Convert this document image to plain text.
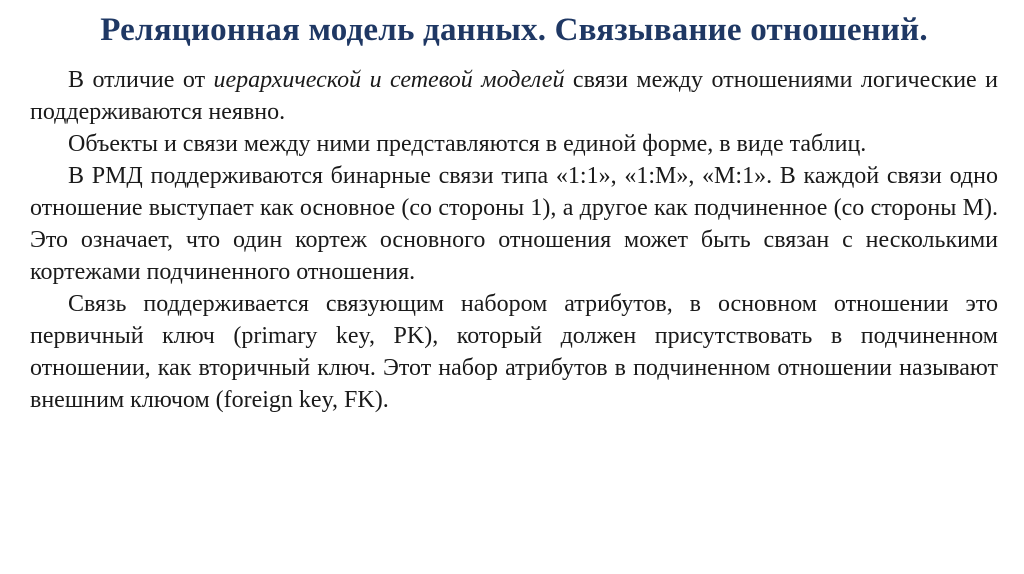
Реляционная модель данных. Связывание отношений.

В отличие от иерархической и сетевой моделей связи между отношениями логические и поддерживаются неявно.

Объекты и связи между ними представляются в единой форме, в виде таблиц.

В РМД поддерживаются бинарные связи типа «1:1», «1:М», «М:1». В каждой связи одно отношение выступает как основное (со стороны 1), а другое как подчиненное (со стороны М). Это означает, что один кортеж основного отношения может быть связан с несколькими кортежами подчиненного отношения.

Связь поддерживается связующим набором атрибутов, в основном отношении это первичный ключ (primary key, PK), который должен присутствовать в подчиненном отношении, как вторичный ключ. Этот набор атрибутов в подчиненном отношении называют внешним ключом (foreign key, FK).
